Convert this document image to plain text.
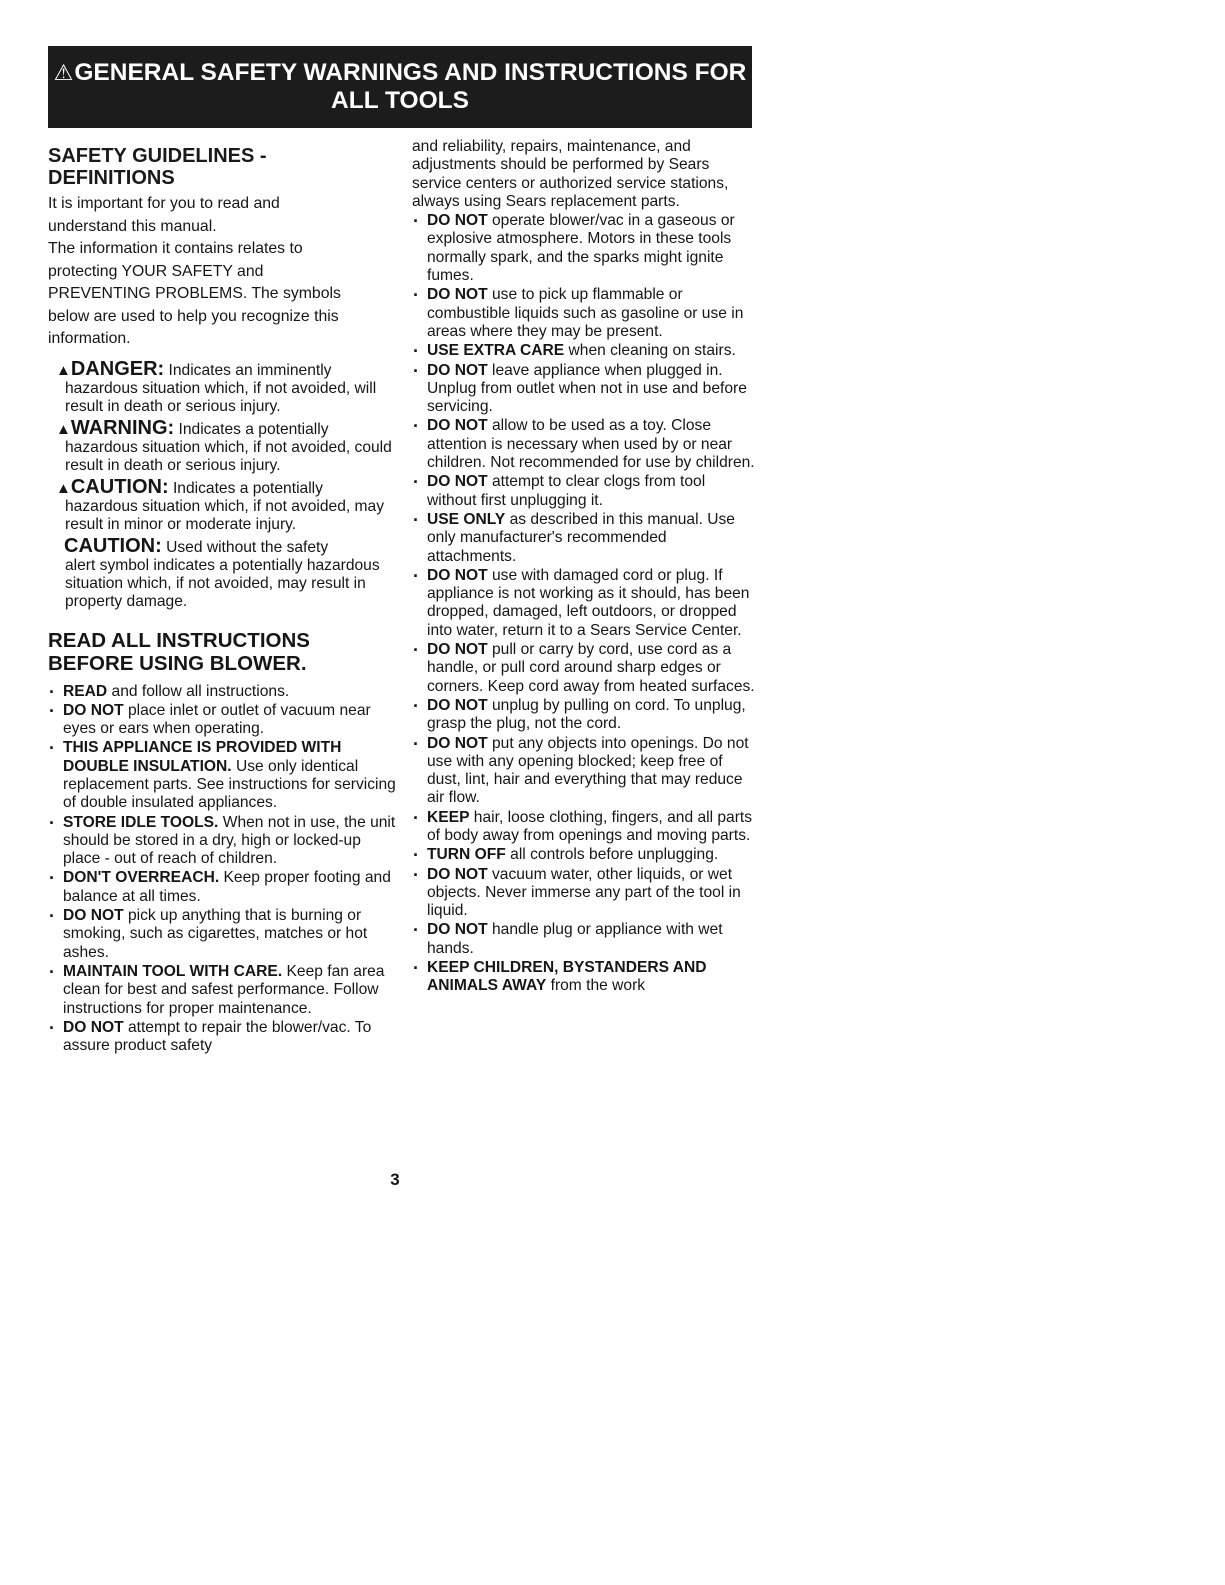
⚠GENERAL SAFETY WARNINGS AND INSTRUCTIONS FOR
ALL TOOLS
SAFETY GUIDELINES -
DEFINITIONS

It is important for you to read and

understand this manual.

The information it contains relates to

protecting YOUR SAFETY and

PREVENTING PROBLEMS. The symbols

below are used to help you recognize this

information.

▲DANGER: Indicates an imminently
hazardous situation which, if not avoided, will result in death or serious injury.
▲WARNING: Indicates a potentially
hazardous situation which, if not avoided, could result in death or serious injury.
▲CAUTION: Indicates a potentially
hazardous situation which, if not avoided, may result in minor or moderate injury.
CAUTION: Used without the safety
alert symbol indicates a potentially hazardous situation which, if not avoided, may result in property damage.
READ ALL INSTRUCTIONS
BEFORE USING BLOWER.
· READ and follow all instructions.
· DO NOT place inlet or outlet of vacuum near eyes or ears when operating.
· THIS APPLIANCE IS PROVIDED WITH DOUBLE INSULATION. Use only identical replacement parts. See instructions for servicing of double insulated appliances.
· STORE IDLE TOOLS. When not in use, the unit should be stored in a dry, high or locked-up place - out of reach of children.
· DON'T OVERREACH. Keep proper footing and balance at all times.
· DO NOT pick up anything that is burning or smoking, such as cigarettes, matches or hot ashes.
· MAINTAIN TOOL WITH CARE. Keep fan area clean for best and safest performance. Follow instructions for proper maintenance.
· DO NOT attempt to repair the blower/vac. To assure product safety
and reliability, repairs, maintenance, and adjustments should be performed by Sears service centers or authorized service stations, always using Sears replacement parts.
· DO NOT operate blower/vac in a gaseous or explosive atmosphere. Motors in these tools normally spark, and the sparks might ignite fumes.
· DO NOT use to pick up flammable or combustible liquids such as gasoline or use in areas where they may be present.
· USE EXTRA CARE when cleaning on stairs.
· DO NOT leave appliance when plugged in. Unplug from outlet when not in use and before servicing.
· DO NOT allow to be used as a toy. Close attention is necessary when used by or near children. Not recommended for use by children.
· DO NOT attempt to clear clogs from tool without first unplugging it.
· USE ONLY as described in this manual. Use only manufacturer's recommended attachments.
· DO NOT use with damaged cord or plug. If appliance is not working as it should, has been dropped, damaged, left outdoors, or dropped into water, return it to a Sears Service Center.
· DO NOT pull or carry by cord, use cord as a handle, or pull cord around sharp edges or corners. Keep cord away from heated surfaces.
· DO NOT unplug by pulling on cord. To unplug, grasp the plug, not the cord.
· DO NOT put any objects into openings. Do not use with any opening blocked; keep free of dust, lint, hair and everything that may reduce air flow.
· KEEP hair, loose clothing, fingers, and all parts of body away from openings and moving parts.
· TURN OFF all controls before unplugging.
· DO NOT vacuum water, other liquids, or wet objects. Never immerse any part of the tool in liquid.
· DO NOT handle plug or appliance with wet hands.
· KEEP CHILDREN, BYSTANDERS AND ANIMALS AWAY from the work
3
